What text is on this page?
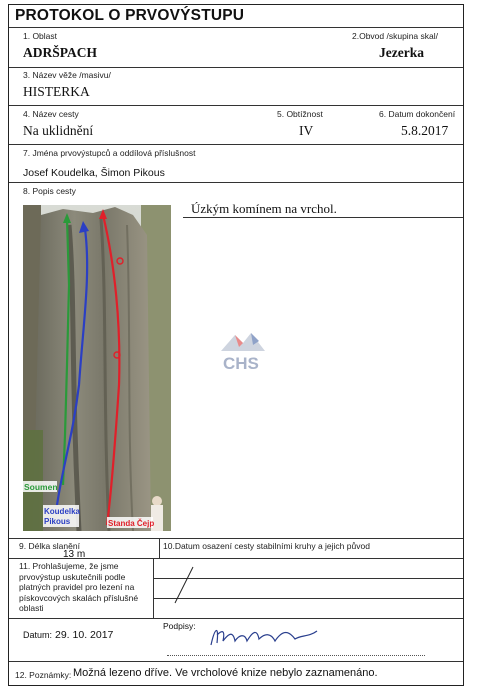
PROTOKOL O PRVOVÝSTUPU
1. Oblast
ADRŠPACH
2.Obvod /skupina skal/
Jezerka
3. Název věže /masivu/
HISTERKA
4. Název cesty
Na uklidnění
5. Obtížnost
IV
6. Datum dokončení
5.8.2017
7. Jména prvovýstupců a oddílová příslušnost
Josef Koudelka, Šimon Pikous
8. Popis cesty
Úzkým komínem na vrchol.
Soumen
Koudelka
Pikous	Standa Čejp
CHS
9. Délka slanění
13 m
10.Datum osazení cesty stabilními kruhy a jejich původ
11. Prohlašujeme, že jsme prvovýstup uskutečnili podle platných pravidel pro lezení na pískovcových skalách příslušné oblasti
Datum: 29. 10. 2017
Podpisy:
12. Poznámky: Možná lezeno dříve. Ve vrcholové knize nebylo zaznamenáno.
